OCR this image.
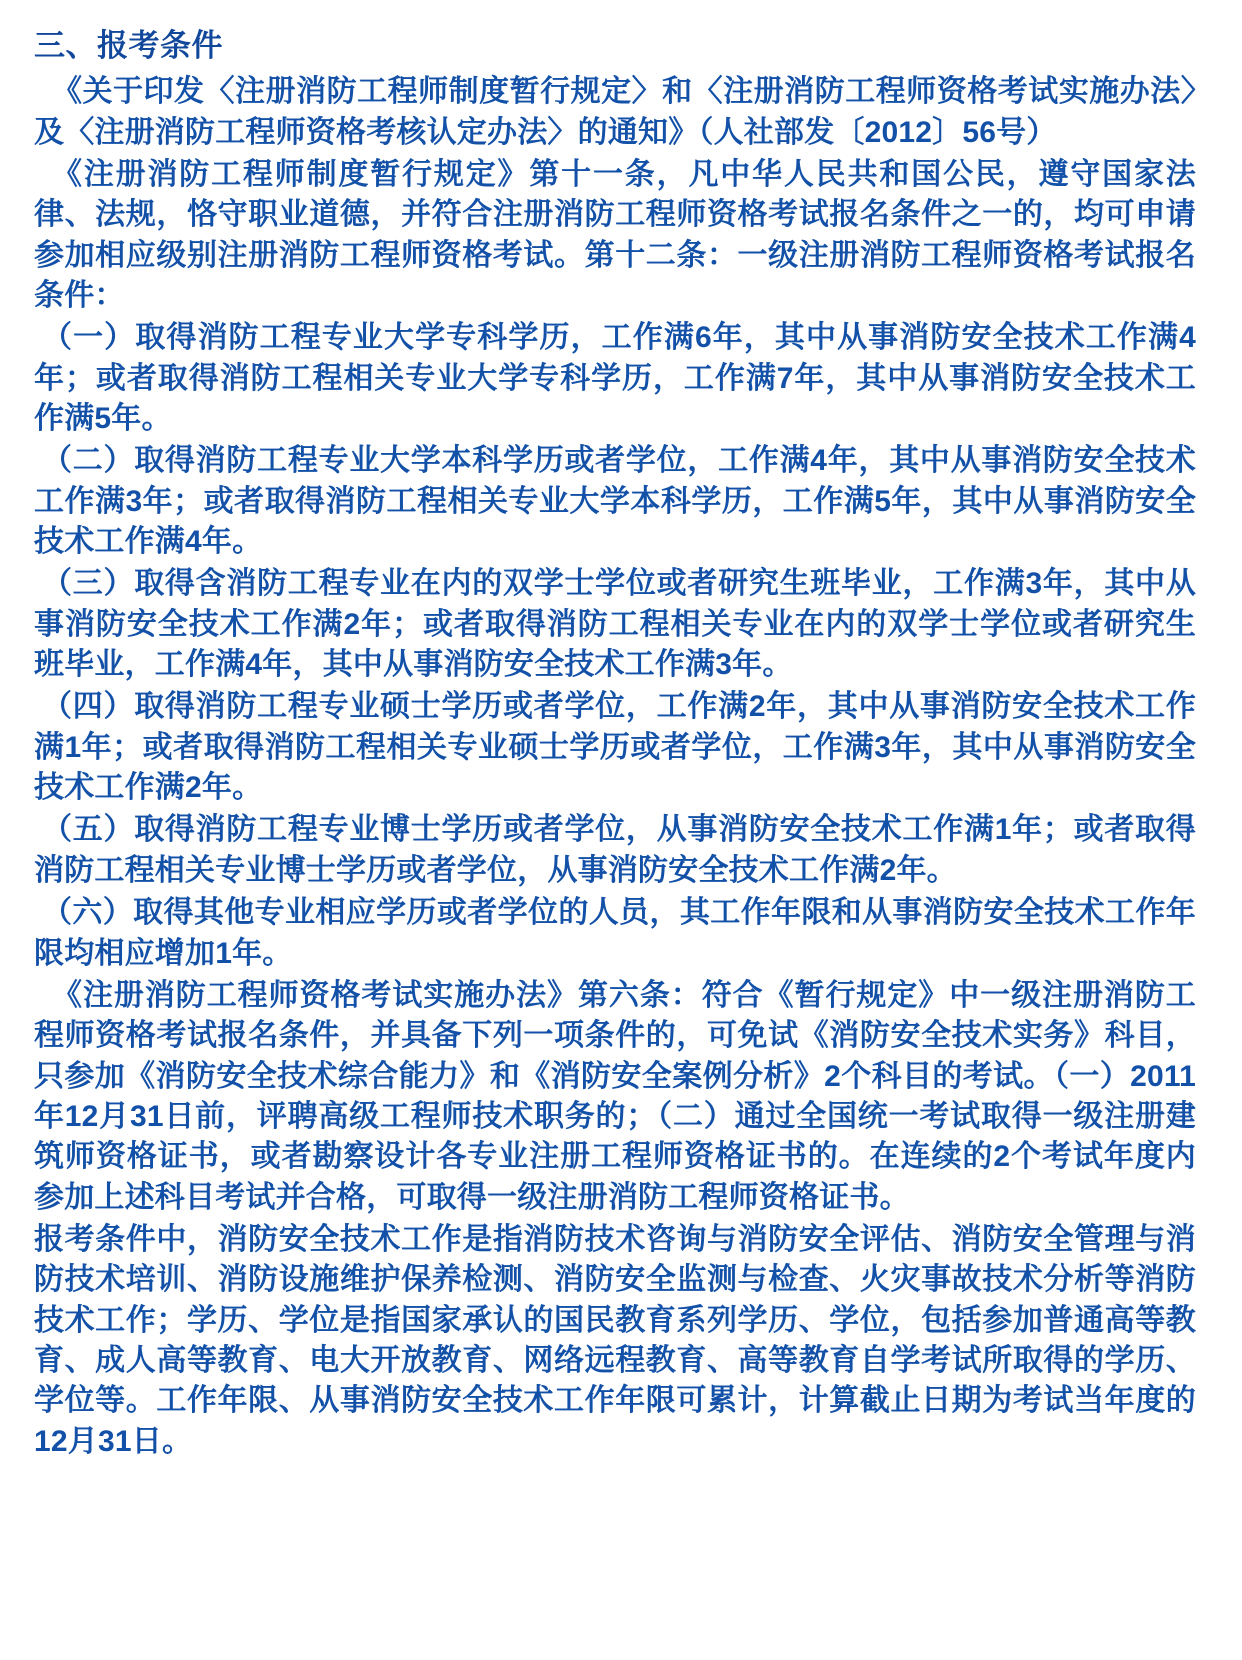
三、报考条件

《关于印发〈注册消防工程师制度暂行规定〉和〈注册消防工程师资格考试实施办法〉及〈注册消防工程师资格考核认定办法〉的通知》（人社部发〔2012〕56号）

《注册消防工程师制度暂行规定》第十一条，凡中华人民共和国公民，遵守国家法律、法规，恪守职业道德，并符合注册消防工程师资格考试报名条件之一的，均可申请参加相应级别注册消防工程师资格考试。第十二条：一级注册消防工程师资格考试报名条件：

（一）取得消防工程专业大学专科学历，工作满6年，其中从事消防安全技术工作满4年；或者取得消防工程相关专业大学专科学历，工作满7年，其中从事消防安全技术工作满5年。

（二）取得消防工程专业大学本科学历或者学位，工作满4年，其中从事消防安全技术工作满3年；或者取得消防工程相关专业大学本科学历，工作满5年，其中从事消防安全技术工作满4年。

（三）取得含消防工程专业在内的双学士学位或者研究生班毕业，工作满3年，其中从事消防安全技术工作满2年；或者取得消防工程相关专业在内的双学士学位或者研究生班毕业，工作满4年，其中从事消防安全技术工作满3年。

（四）取得消防工程专业硕士学历或者学位，工作满2年，其中从事消防安全技术工作满1年；或者取得消防工程相关专业硕士学历或者学位，工作满3年，其中从事消防安全技术工作满2年。

（五）取得消防工程专业博士学历或者学位，从事消防安全技术工作满1年；或者取得消防工程相关专业博士学历或者学位，从事消防安全技术工作满2年。

（六）取得其他专业相应学历或者学位的人员，其工作年限和从事消防安全技术工作年限均相应增加1年。

《注册消防工程师资格考试实施办法》第六条：符合《暂行规定》中一级注册消防工程师资格考试报名条件，并具备下列一项条件的，可免试《消防安全技术实务》科目，只参加《消防安全技术综合能力》和《消防安全案例分析》2个科目的考试。（一）2011年12月31日前，评聘高级工程师技术职务的；（二）通过全国统一考试取得一级注册建筑师资格证书，或者勘察设计各专业注册工程师资格证书的。在连续的2个考试年度内参加上述科目考试并合格，可取得一级注册消防工程师资格证书。

报考条件中，消防安全技术工作是指消防技术咨询与消防安全评估、消防安全管理与消防技术培训、消防设施维护保养检测、消防安全监测与检查、火灾事故技术分析等消防技术工作；学历、学位是指国家承认的国民教育系列学历、学位，包括参加普通高等教育、成人高等教育、电大开放教育、网络远程教育、高等教育自学考试所取得的学历、学位等。工作年限、从事消防安全技术工作年限可累计，计算截止日期为考试当年度的12月31日。
